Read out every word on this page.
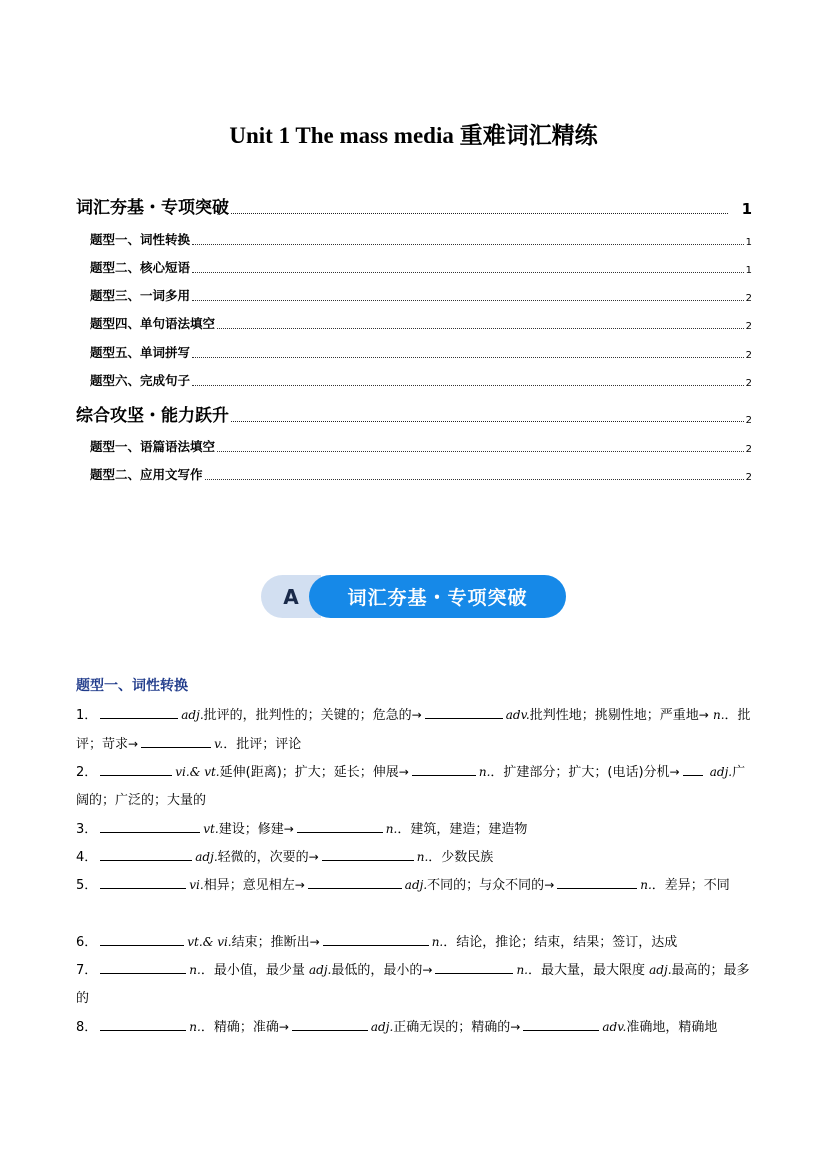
Unit 1 The mass media 重难词汇精练
词汇夯基・专项突破	1
题型一、词性转换	1
题型二、核心短语	1
题型三、一词多用	2
题型四、单句语法填空	2
题型五、单词拼写	2
题型六、完成句子	2
综合攻坚・能力跃升	2
题型一、语篇语法填空	2
题型二、应用文写作	2
A	词汇夯基・专项突破
题型一、词性转换
1．	adj.批评的，批判性的；关键的；危急的→	adv.批判性地；挑剔性地；严重地→ n.．批评；苛求→	v.．批评；评论
2．	vi.& vt.延伸(距离)；扩大；延长；伸展→	n.．扩建部分；扩大；(电话)分机→	adj.广阔的；广泛的；大量的
3．	vt.建设；修建→	n.．建筑，建造；建造物
4．	adj.轻微的，次要的→	n.．少数民族
5．	vi.相异；意见相左→	adj.不同的；与众不同的→	n.．差异；不同
6．	vt.& vi.结束；推断出→	n.．结论，推论；结束，结果；签订，达成
7．	n.．最小值，最少量 adj.最低的，最小的→	n.．最大量，最大限度 adj.最高的；最多的
8．	n.．精确；准确→	adj.正确无误的；精确的→	adv.准确地，精确地
